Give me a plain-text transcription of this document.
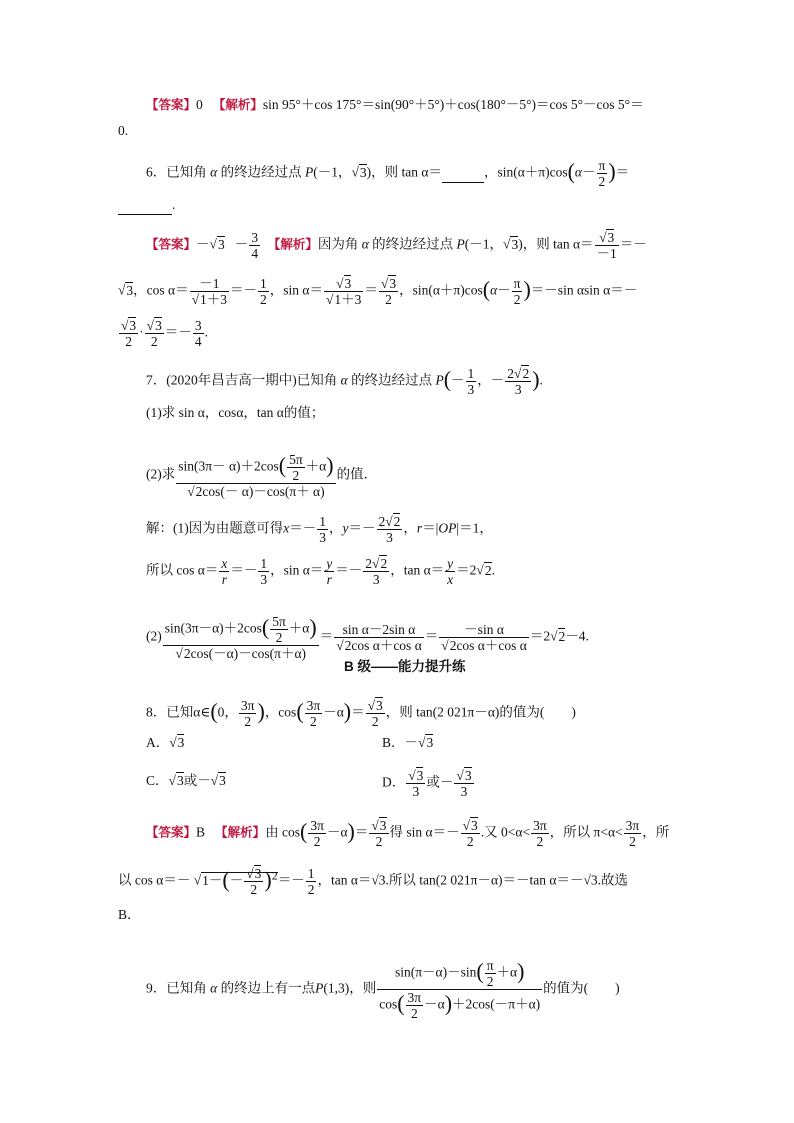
【答案】0 【解析】sin 95°＋cos 175°＝sin(90°＋5°)＋cos(180°－5°)＝cos 5°－cos 5°＝
0.
6．已知角 α 的终边经过点 P(－1，√3)，则 tan α＝	，$\sin(\alpha+\pi)\cos(\alpha- \frac{\pi}{2}$ )＝
.
【答案】$-√3 - \frac{3}{4}$ 【解析】因为角 α 的终边经过点 P(－1，√3)，则 $\tan \alpha= \frac{√3}{-1}$ ＝－
√3，$\cos \alpha= \frac{-1}{√1+3} =- \frac{1}{2}$ ，$\sin \alpha= \frac{√3}{√1+3} = \frac{√3}{2}$ ，$\sin(\alpha+\pi)\cos(\alpha- \frac{\pi}{2} )=-\sin$ αsin α＝－
$\frac{√3}{2} \cdot \frac{√3}{2} =- \frac{3}{4}$ .
7．(2020年昌吉高一期中)已知角 α 的终边经过点 $P(- \frac{1}{3}$ ，－ $\frac{2√2}{3}$ ).
(1)求 sin α，cosα，tan α的值；
(2)求 $\frac{\sin(3\pi- \alpha)+2\cos( \frac{5\pi}{2} +\alpha)}{√2\cos(- \alpha)-\cos(\pi+ \alpha)}$ 的值．
解：(1)因为由题意可得$x=- \frac{1}{3}$ ，$y=- \frac{2√2}{3}$ ，r＝|OP|＝1，
所以 $\cos \alpha= \frac{x}{r} =- \frac{1}{3}$ ，$\sin \alpha= \frac{y}{r} =- \frac{2√2}{3}$ ，$\tan \alpha= \frac{y}{x} =2√2$.
$(2) \frac{\sin(3\pi-\alpha)+2\cos( \frac{5\pi}{2} +\alpha)}{√2\cos(-\alpha)-\cos(\pi+\alpha)} = \frac{\text{sin α－2sin α}}{\text{√2cos α＋cos α}} = \frac{\text{－sin α}}{\text{√2cos α＋cos α}} =2√2-4$.
B 级——能力提升练
8．已知α∈(0， $\frac{3\pi}{2}$ )，$\cos( \frac{3\pi}{2} -\alpha)= \frac{√3}{2}$ ，则 tan(2 021π－α)的值为(　　)
A．√3	B．－√3
C．√3或－√3	D． $\frac{√3}{3}$ 或－ $\frac{√3}{3}$
【答案】B 【解析】由 $\cos( \frac{3\pi}{2} -\alpha)= \frac{√3}{2}$ 得 $\sin \alpha=- \frac{√3}{2}$ .又 $0<\alpha< \frac{3\pi}{2}$ ，所以 $\pi<\alpha< \frac{3\pi}{2}$ ，所
以 $\cos \alpha=- √1-(- \frac{√3}{2} )^2=- \frac{1}{2}$ ，tan α＝√3.所以 tan(2 021π－α)＝－tan α＝－√3.故选
B．
9．已知角 α 的终边上有一点P(1,3)，则 $\frac{\sin(\pi-\alpha)-\sin( \frac{\pi}{2} +\alpha)}{\cos( \frac{3\pi}{2} -\alpha)+2\cos(-\pi+\alpha)}$ 的值为(　　)
